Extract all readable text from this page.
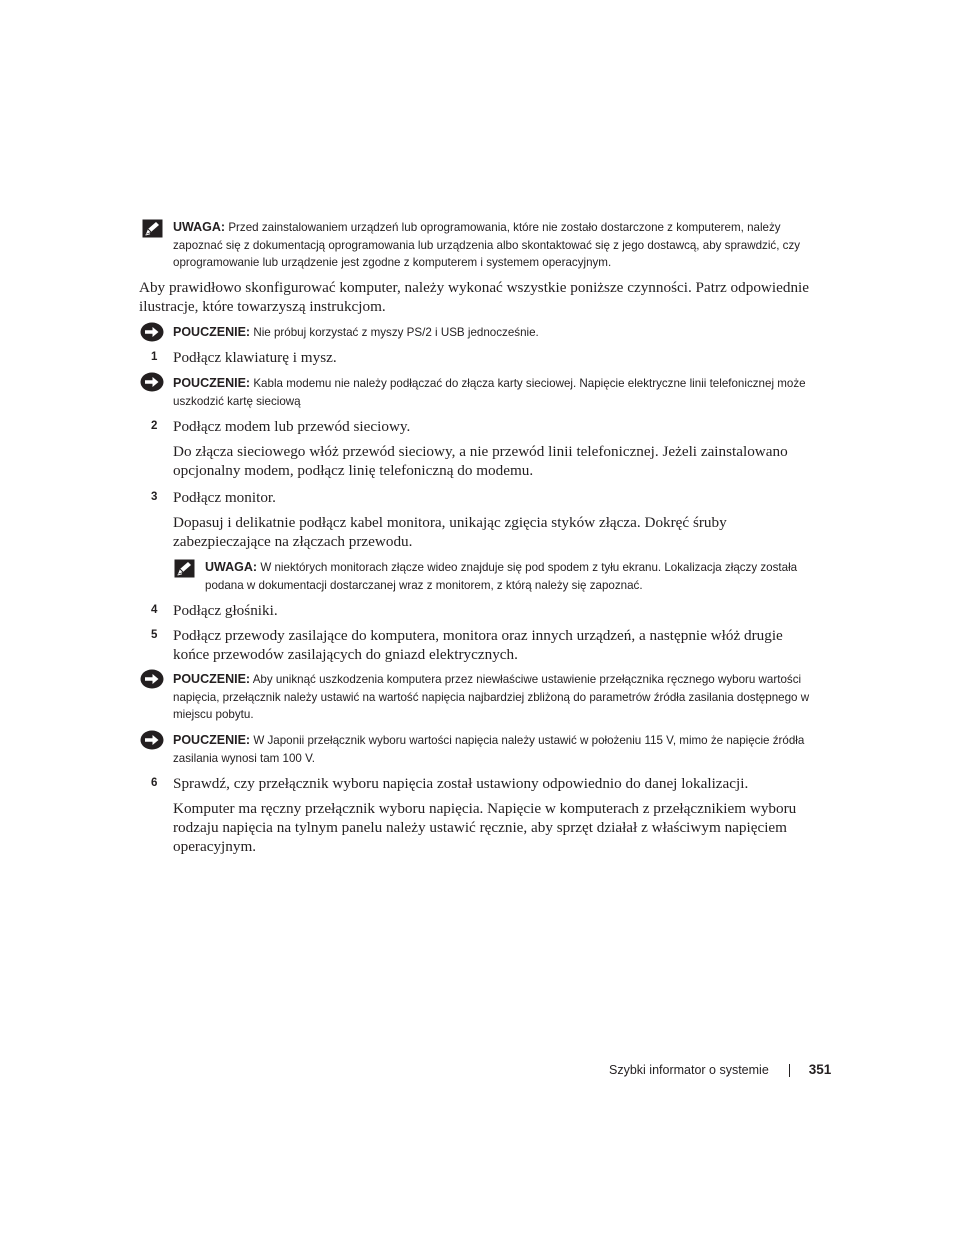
UWAGA: Przed zainstalowaniem urządzeń lub oprogramowania, które nie zostało dostarczone z komputerem, należy zapoznać się z dokumentacją oprogramowania lub urządzenia albo skontaktować się z jego dostawcą, aby sprawdzić, czy oprogramowanie lub urządzenie jest zgodne z komputerem i systemem operacyjnym.
Aby prawidłowo skonfigurować komputer, należy wykonać wszystkie poniższe czynności. Patrz odpowiednie ilustracje, które towarzyszą instrukcjom.
POUCZENIE: Nie próbuj korzystać z myszy PS/2 i USB jednocześnie.
1 Podłącz klawiaturę i mysz.
POUCZENIE: Kabla modemu nie należy podłączać do złącza karty sieciowej. Napięcie elektryczne linii telefonicznej może uszkodzić kartę sieciową
2 Podłącz modem lub przewód sieciowy.
Do złącza sieciowego włóż przewód sieciowy, a nie przewód linii telefonicznej. Jeżeli zainstalowano opcjonalny modem, podłącz linię telefoniczną do modemu.
3 Podłącz monitor.
Dopasuj i delikatnie podłącz kabel monitora, unikając zgięcia styków złącza. Dokręć śruby zabezpieczające na złączach przewodu.
UWAGA: W niektórych monitorach złącze wideo znajduje się pod spodem z tyłu ekranu. Lokalizacja złączy została podana w dokumentacji dostarczanej wraz z monitorem, z którą należy się zapoznać.
4 Podłącz głośniki.
5 Podłącz przewody zasilające do komputera, monitora oraz innych urządzeń, a następnie włóż drugie końce przewodów zasilających do gniazd elektrycznych.
POUCZENIE: Aby uniknąć uszkodzenia komputera przez niewłaściwe ustawienie przełącznika ręcznego wyboru wartości napięcia, przełącznik należy ustawić na wartość napięcia najbardziej zbliżoną do parametrów źródła zasilania dostępnego w miejscu pobytu.
POUCZENIE: W Japonii przełącznik wyboru wartości napięcia należy ustawić w położeniu 115 V, mimo że napięcie źródła zasilania wynosi tam 100 V.
6 Sprawdź, czy przełącznik wyboru napięcia został ustawiony odpowiednio do danej lokalizacji.
Komputer ma ręczny przełącznik wyboru napięcia. Napięcie w komputerach z przełącznikiem wyboru rodzaju napięcia na tylnym panelu należy ustawić ręcznie, aby sprzęt działał z właściwym napięciem operacyjnym.
Szybki informator o systemie	351
